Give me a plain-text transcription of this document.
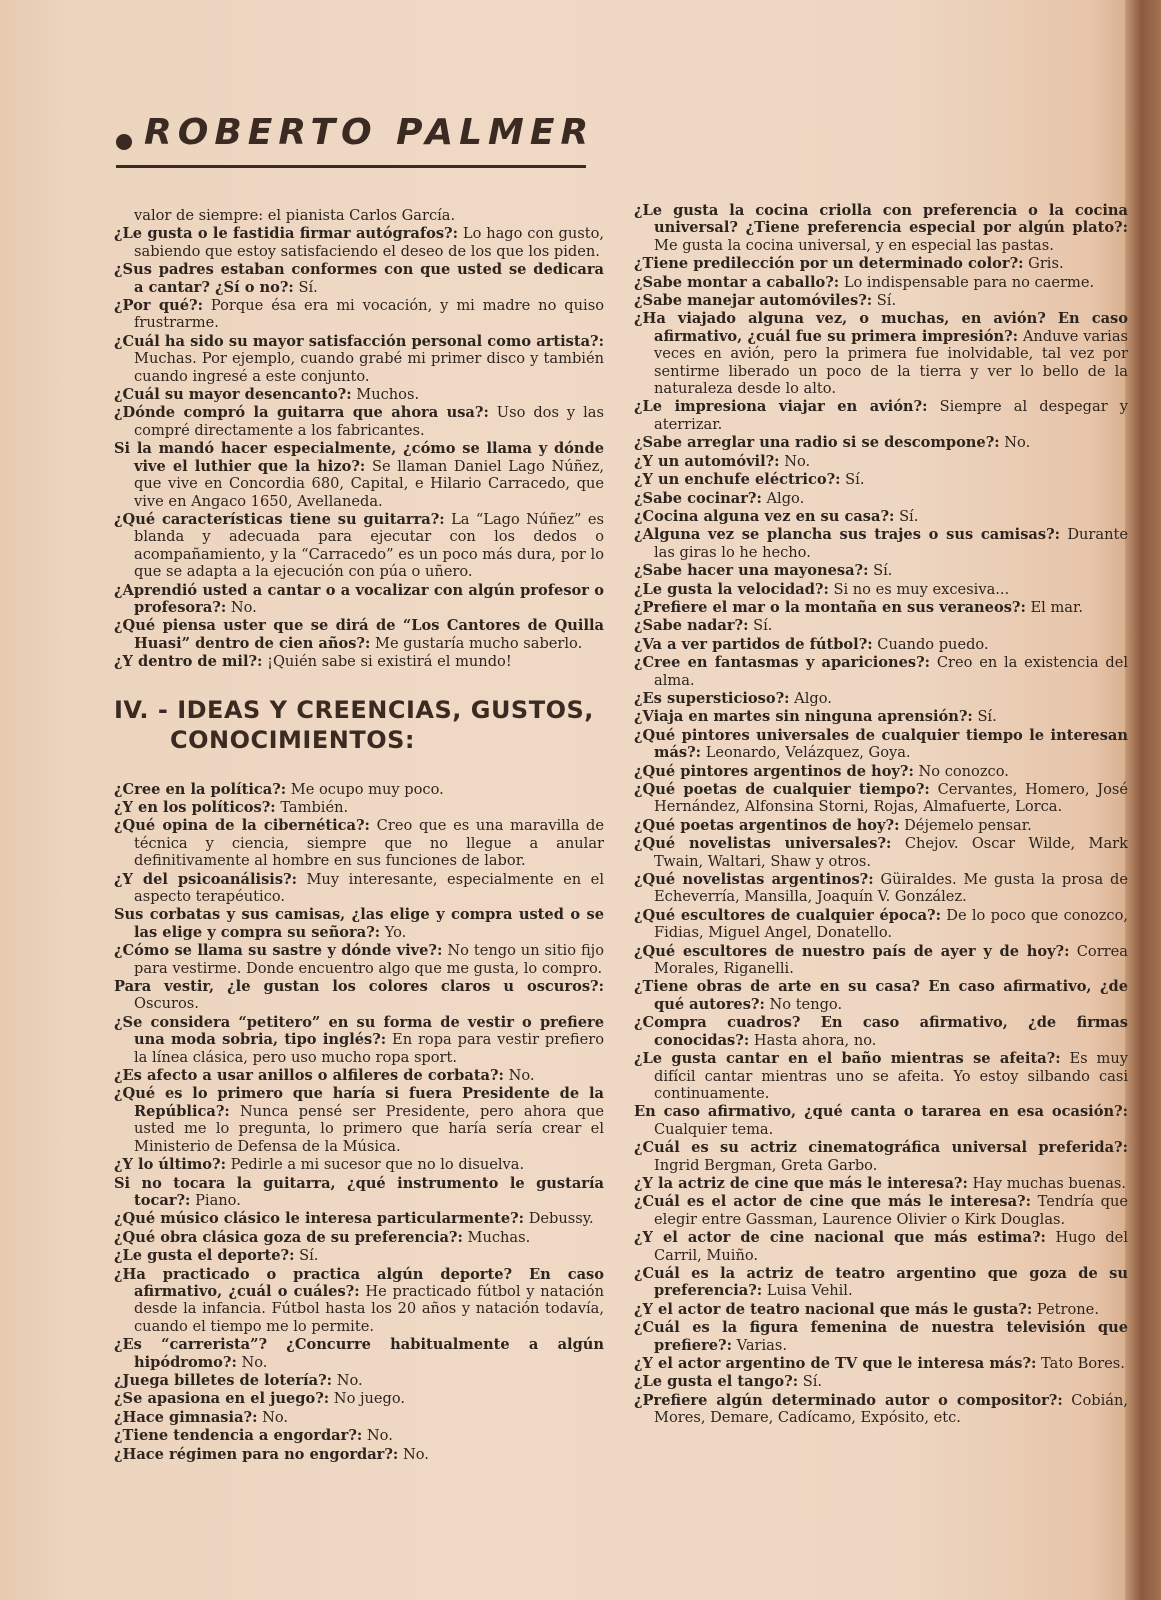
ROBERTO PALMER
valor de siempre: el pianista Carlos García.

¿Le gusta o le fastidia firmar autógrafos?: Lo hago con gusto, sabiendo que estoy satisfaciendo el deseo de los que los piden.

¿Sus padres estaban conformes con que usted se dedicara a cantar? ¿Sí o no?: Sí.

¿Por qué?: Porque ésa era mi vocación, y mi madre no quiso frustrarme.

¿Cuál ha sido su mayor satisfacción personal como artista?: Muchas. Por ejemplo, cuando grabé mi primer disco y también cuando ingresé a este conjunto.

¿Cuál su mayor desencanto?: Muchos.

¿Dónde compró la guitarra que ahora usa?: Uso dos y las compré directamente a los fabricantes.

Si la mandó hacer especialmente, ¿cómo se llama y dónde vive el luthier que la hizo?: Se llaman Daniel Lago Núñez, que vive en Concordia 680, Capital, e Hilario Carracedo, que vive en Angaco 1650, Avellaneda.

¿Qué características tiene su guitarra?: La “Lago Núñez” es blanda y adecuada para ejecutar con los dedos o acompañamiento, y la “Carracedo” es un poco más dura, por lo que se adapta a la ejecución con púa o uñero.

¿Aprendió usted a cantar o a vocalizar con algún profesor o profesora?: No.

¿Qué piensa uster que se dirá de “Los Cantores de Quilla Huasi” dentro de cien años?: Me gustaría mucho saberlo.

¿Y dentro de mil?: ¡Quién sabe si existirá el mundo!

IV. - IDEAS Y CREENCIAS, GUSTOS,
CONOCIMIENTOS:

¿Cree en la política?: Me ocupo muy poco.

¿Y en los políticos?: También.

¿Qué opina de la cibernética?: Creo que es una maravilla de técnica y ciencia, siempre que no llegue a anular definitivamente al hombre en sus funciones de labor.

¿Y del psicoanálisis?: Muy interesante, especialmente en el aspecto terapéutico.

Sus corbatas y sus camisas, ¿las elige y compra usted o se las elige y compra su señora?: Yo.

¿Cómo se llama su sastre y dónde vive?: No tengo un sitio fijo para vestirme. Donde encuentro algo que me gusta, lo compro.

Para vestir, ¿le gustan los colores claros u oscuros?: Oscuros.

¿Se considera “petitero” en su forma de vestir o prefiere una moda sobria, tipo inglés?: En ropa para vestir prefiero la línea clásica, pero uso mucho ropa sport.

¿Es afecto a usar anillos o alfileres de corbata?: No.

¿Qué es lo primero que haría si fuera Presidente de la República?: Nunca pensé ser Presidente, pero ahora que usted me lo pregunta, lo primero que haría sería crear el Ministerio de Defensa de la Música.

¿Y lo último?: Pedirle a mi sucesor que no lo disuelva.

Si no tocara la guitarra, ¿qué instrumento le gustaría tocar?: Piano.

¿Qué músico clásico le interesa particularmente?: Debussy.

¿Qué obra clásica goza de su preferencia?: Muchas.

¿Le gusta el deporte?: Sí.

¿Ha practicado o practica algún deporte? En caso afirmativo, ¿cuál o cuáles?: He practicado fútbol y natación desde la infancia. Fútbol hasta los 20 años y natación todavía, cuando el tiempo me lo permite.

¿Es “carrerista”? ¿Concurre habitualmente a algún hipódromo?: No.

¿Juega billetes de lotería?: No.

¿Se apasiona en el juego?: No juego.

¿Hace gimnasia?: No.

¿Tiene tendencia a engordar?: No.

¿Hace régimen para no engordar?: No.

¿Le gusta la cocina criolla con preferencia o la cocina universal? ¿Tiene preferencia especial por algún plato?: Me gusta la cocina universal, y en especial las pastas.

¿Tiene predilección por un determinado color?: Gris.

¿Sabe montar a caballo?: Lo indispensable para no caerme.

¿Sabe manejar automóviles?: Sí.

¿Ha viajado alguna vez, o muchas, en avión? En caso afirmativo, ¿cuál fue su primera impresión?: Anduve varias veces en avión, pero la primera fue inolvidable, tal vez por sentirme liberado un poco de la tierra y ver lo bello de la naturaleza desde lo alto.

¿Le impresiona viajar en avión?: Siempre al despegar y aterrizar.

¿Sabe arreglar una radio si se descompone?: No.

¿Y un automóvil?: No.

¿Y un enchufe eléctrico?: Sí.

¿Sabe cocinar?: Algo.

¿Cocina alguna vez en su casa?: Sí.

¿Alguna vez se plancha sus trajes o sus camisas?: Durante las giras lo he hecho.

¿Sabe hacer una mayonesa?: Sí.

¿Le gusta la velocidad?: Si no es muy excesiva...

¿Prefiere el mar o la montaña en sus veraneos?: El mar.

¿Sabe nadar?: Sí.

¿Va a ver partidos de fútbol?: Cuando puedo.

¿Cree en fantasmas y apariciones?: Creo en la existencia del alma.

¿Es supersticioso?: Algo.

¿Viaja en martes sin ninguna aprensión?: Sí.

¿Qué pintores universales de cualquier tiempo le interesan más?: Leonardo, Velázquez, Goya.

¿Qué pintores argentinos de hoy?: No conozco.

¿Qué poetas de cualquier tiempo?: Cervantes, Homero, José Hernández, Alfonsina Storni, Rojas, Almafuerte, Lorca.

¿Qué poetas argentinos de hoy?: Déjemelo pensar.

¿Qué novelistas universales?: Chejov. Oscar Wilde, Mark Twain, Waltari, Shaw y otros.

¿Qué novelistas argentinos?: Güiraldes. Me gusta la prosa de Echeverría, Mansilla, Joaquín V. González.

¿Qué escultores de cualquier época?: De lo poco que conozco, Fidias, Miguel Angel, Donatello.

¿Qué escultores de nuestro país de ayer y de hoy?: Correa Morales, Riganelli.

¿Tiene obras de arte en su casa? En caso afirmativo, ¿de qué autores?: No tengo.

¿Compra cuadros? En caso afirmativo, ¿de firmas conocidas?: Hasta ahora, no.

¿Le gusta cantar en el baño mientras se afeita?: Es muy difícil cantar mientras uno se afeita. Yo estoy silbando casi continuamente.

En caso afirmativo, ¿qué canta o tararea en esa ocasión?: Cualquier tema.

¿Cuál es su actriz cinematográfica universal preferida?: Ingrid Bergman, Greta Garbo.

¿Y la actriz de cine que más le interesa?: Hay muchas buenas.

¿Cuál es el actor de cine que más le interesa?: Tendría que elegir entre Gassman, Laurence Olivier o Kirk Douglas.

¿Y el actor de cine nacional que más estima?: Hugo del Carril, Muiño.

¿Cuál es la actriz de teatro argentino que goza de su preferencia?: Luisa Vehil.

¿Y el actor de teatro nacional que más le gusta?: Petrone.

¿Cuál es la figura femenina de nuestra televisión que prefiere?: Varias.

¿Y el actor argentino de TV que le interesa más?: Tato Bores.

¿Le gusta el tango?: Sí.

¿Prefiere algún determinado autor o compositor?: Cobián, Mores, Demare, Cadícamo, Expósito, etc.
